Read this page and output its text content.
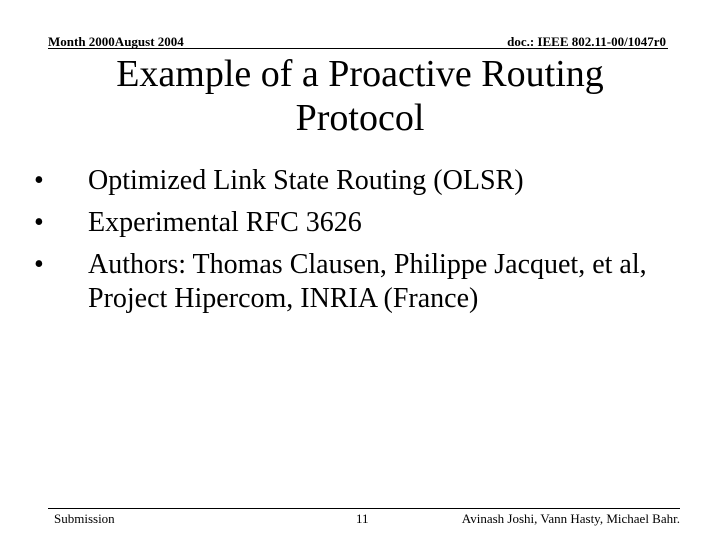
Month 2000August 2004	doc.: IEEE 802.11-00/1047r0
Example of a Proactive Routing Protocol
•	Optimized Link State Routing (OLSR)
•	Experimental RFC 3626
•	Authors: Thomas Clausen, Philippe Jacquet, et al, Project Hipercom, INRIA (France)
Submission	11	Avinash Joshi, Vann Hasty, Michael Bahr.
